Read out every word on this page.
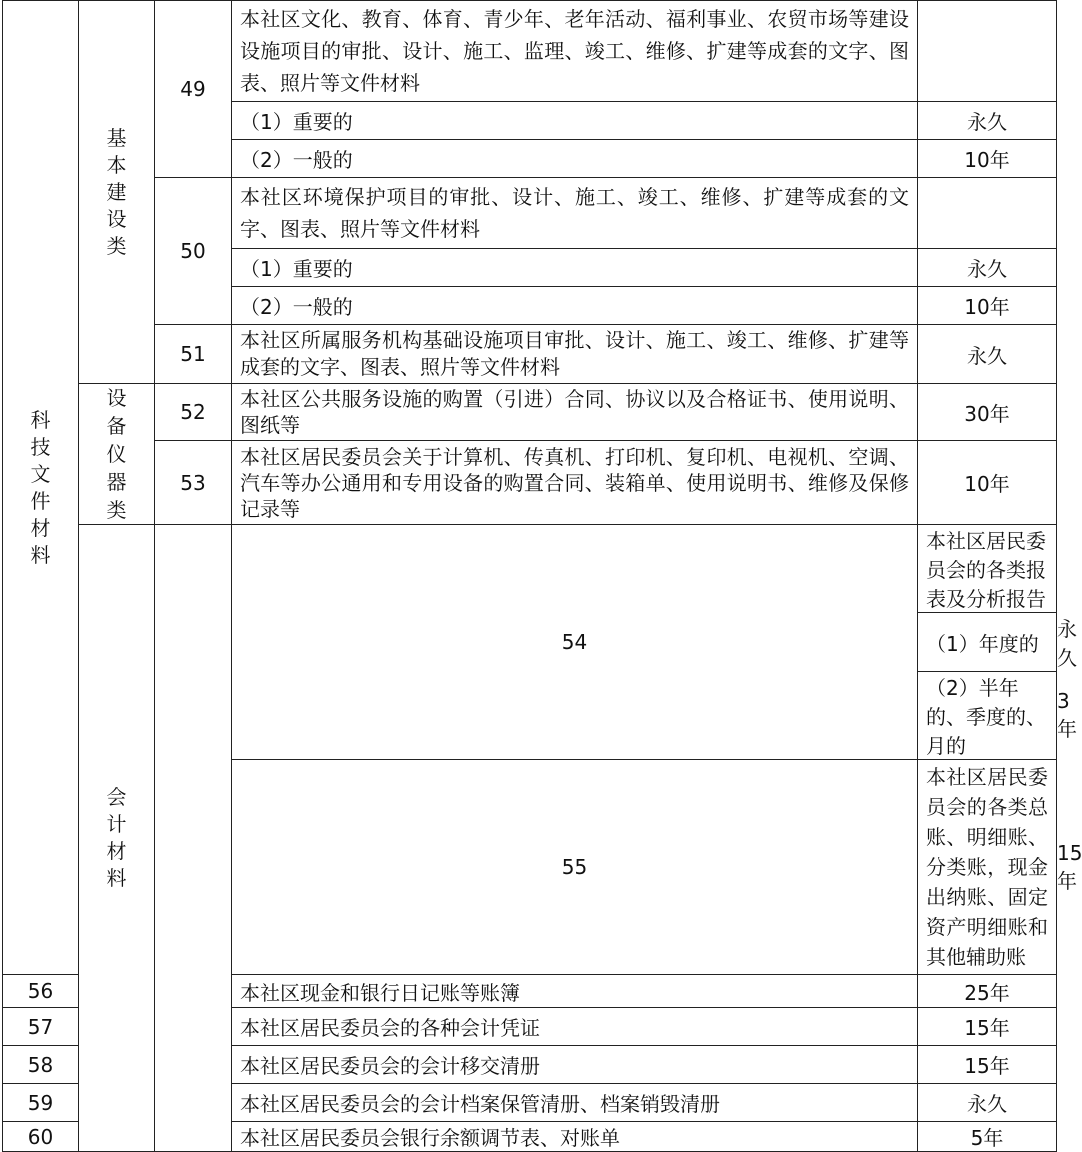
科技文件材料	基本建设类	49	本社区文化、教育、体育、青少年、老年活动、福利事业、农贸市场等建设设施项目的审批、设计、施工、监理、竣工、维修、扩建等成套的文字、图表、照片等文件材料		
			（1）重要的	永久	
			（2）一般的	10年	
		50	本社区环境保护项目的审批、设计、施工、竣工、维修、扩建等成套的文字、图表、照片等文件材料		
			（1）重要的	永久	
			（2）一般的	10年	
		51	本社区所属服务机构基础设施项目审批、设计、施工、竣工、维修、扩建等成套的文字、图表、照片等文件材料	永久	
	设备仪器类	52	本社区公共服务设施的购置（引进）合同、协议以及合格证书、使用说明、图纸等	30年	
		53	本社区居民委员会关于计算机、传真机、打印机、复印机、电视机、空调、汽车等办公通用和专用设备的购置合同、装箱单、使用说明书、维修及保修记录等	10年	
	会计材料		54	本社区居民委员会的各类报表及分析报告	
				（1）年度的	永久
				（2）半年的、季度的、月的	3年
			55	本社区居民委员会的各类总账、明细账、分类账，现金出纳账、固定资产明细账和其他辅助账	15年
56			本社区现金和银行日记账等账簿	25年	
57			本社区居民委员会的各种会计凭证	15年	
58			本社区居民委员会的会计移交清册	15年	
59			本社区居民委员会的会计档案保管清册、档案销毁清册	永久	
60			本社区居民委员会银行余额调节表、对账单	5年	
